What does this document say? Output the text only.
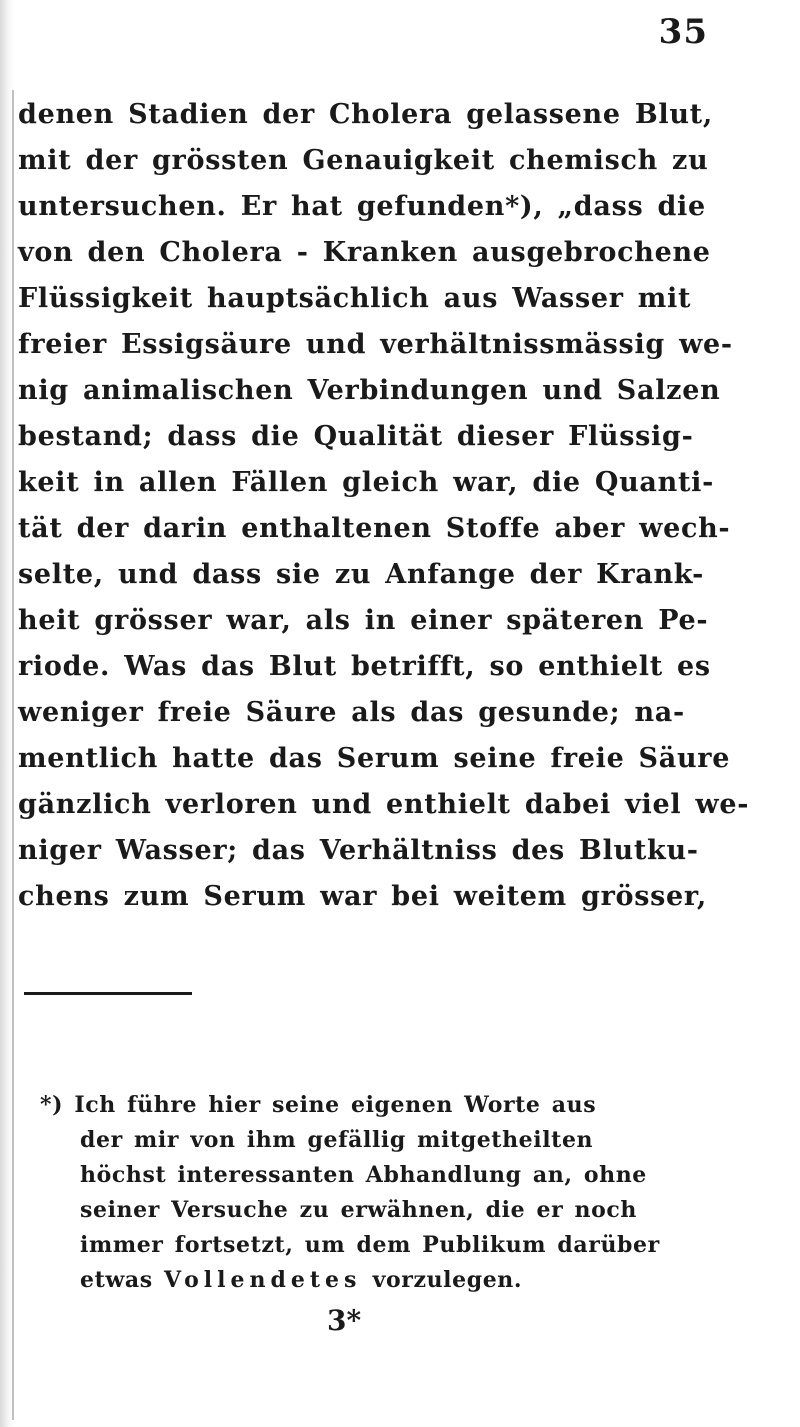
35
denen Stadien der Cholera gelassene Blut,
mit der grössten Genauigkeit chemisch zu
untersuchen. Er hat gefunden*), „dass die
von den Cholera - Kranken ausgebrochene
Flüssigkeit hauptsächlich aus Wasser mit
freier Essigsäure und verhältnissmässig we-
nig animalischen Verbindungen und Salzen
bestand; dass die Qualität dieser Flüssig-
keit in allen Fällen gleich war, die Quanti-
tät der darin enthaltenen Stoffe aber wech-
selte, und dass sie zu Anfange der Krank-
heit grösser war, als in einer späteren Pe-
riode. Was das Blut betrifft, so enthielt es
weniger freie Säure als das gesunde; na-
mentlich hatte das Serum seine freie Säure
gänzlich verloren und enthielt dabei viel we-
niger Wasser; das Verhältniss des Blutku-
chens zum Serum war bei weitem grösser,
*) Ich führe hier seine eigenen Worte aus
der mir von ihm gefällig mitgetheilten
höchst interessanten Abhandlung an, ohne
seiner Versuche zu erwähnen, die er noch
immer fortsetzt, um dem Publikum darüber
etwas Vollendetes vorzulegen.
3*
